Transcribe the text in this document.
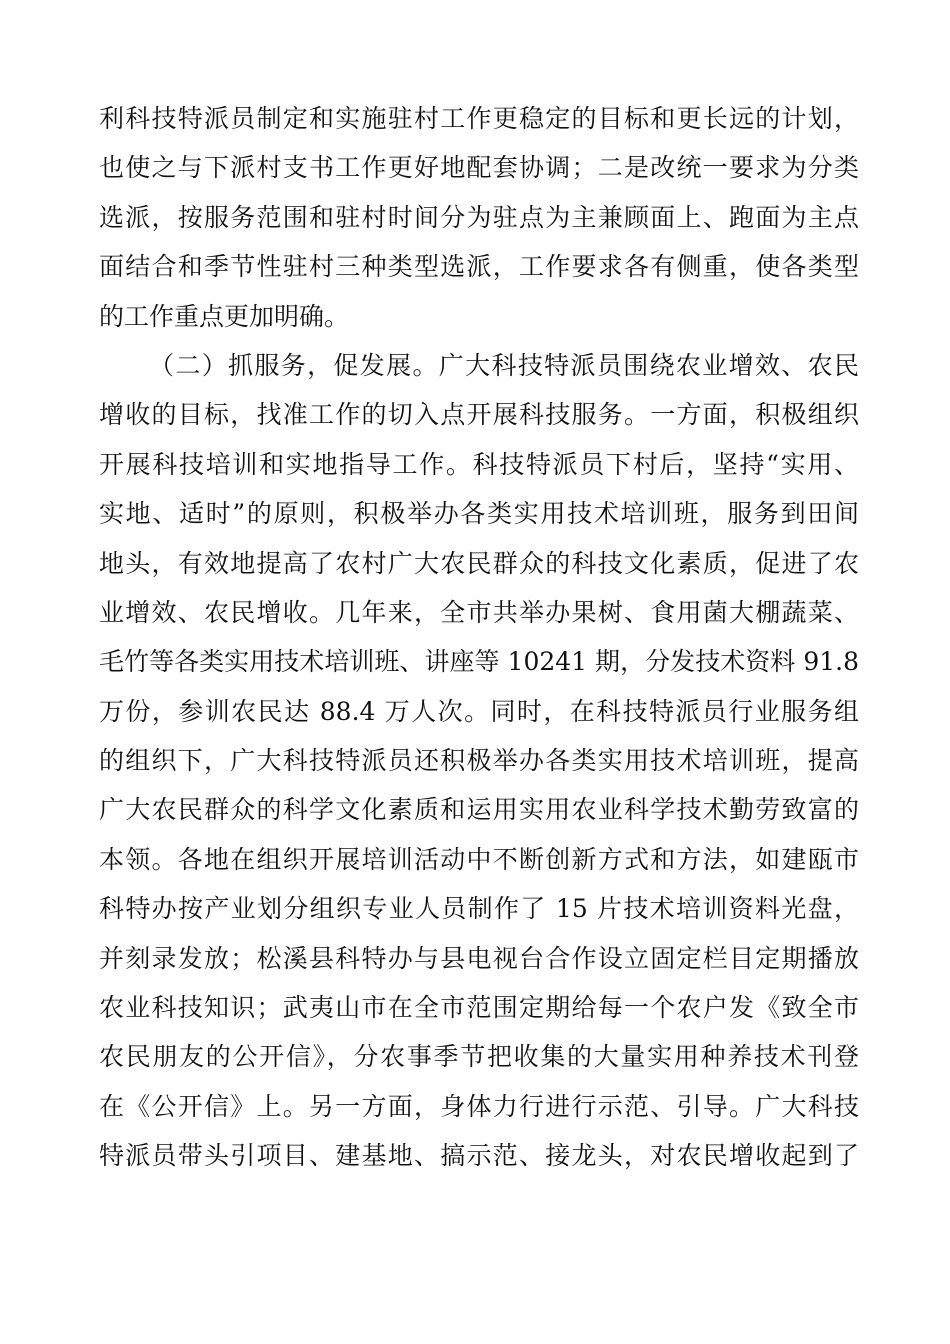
利科技特派员制定和实施驻村工作更稳定的目标和更长远的计划，
也使之与下派村支书工作更好地配套协调；二是改统一要求为分类
选派，按服务范围和驻村时间分为驻点为主兼顾面上、跑面为主点
面结合和季节性驻村三种类型选派，工作要求各有侧重，使各类型
的工作重点更加明确。
（二）抓服务，促发展。广大科技特派员围绕农业增效、农民
增收的目标，找准工作的切入点开展科技服务。一方面，积极组织
开展科技培训和实地指导工作。科技特派员下村后，坚持“实用、
实地、适时”的原则，积极举办各类实用技术培训班，服务到田间
地头，有效地提高了农村广大农民群众的科技文化素质，促进了农
业增效、农民增收。几年来，全市共举办果树、食用菌大棚蔬菜、
毛竹等各类实用技术培训班、讲座等 10241 期，分发技术资料 91.8
万份，参训农民达 88.4 万人次。同时，在科技特派员行业服务组
的组织下，广大科技特派员还积极举办各类实用技术培训班，提高
广大农民群众的科学文化素质和运用实用农业科学技术勤劳致富的
本领。各地在组织开展培训活动中不断创新方式和方法，如建瓯市
科特办按产业划分组织专业人员制作了 15 片技术培训资料光盘，
并刻录发放；松溪县科特办与县电视台合作设立固定栏目定期播放
农业科技知识；武夷山市在全市范围定期给每一个农户发《致全市
农民朋友的公开信》，分农事季节把收集的大量实用种养技术刊登
在《公开信》上。另一方面，身体力行进行示范、引导。广大科技
特派员带头引项目、建基地、搞示范、接龙头，对农民增收起到了
